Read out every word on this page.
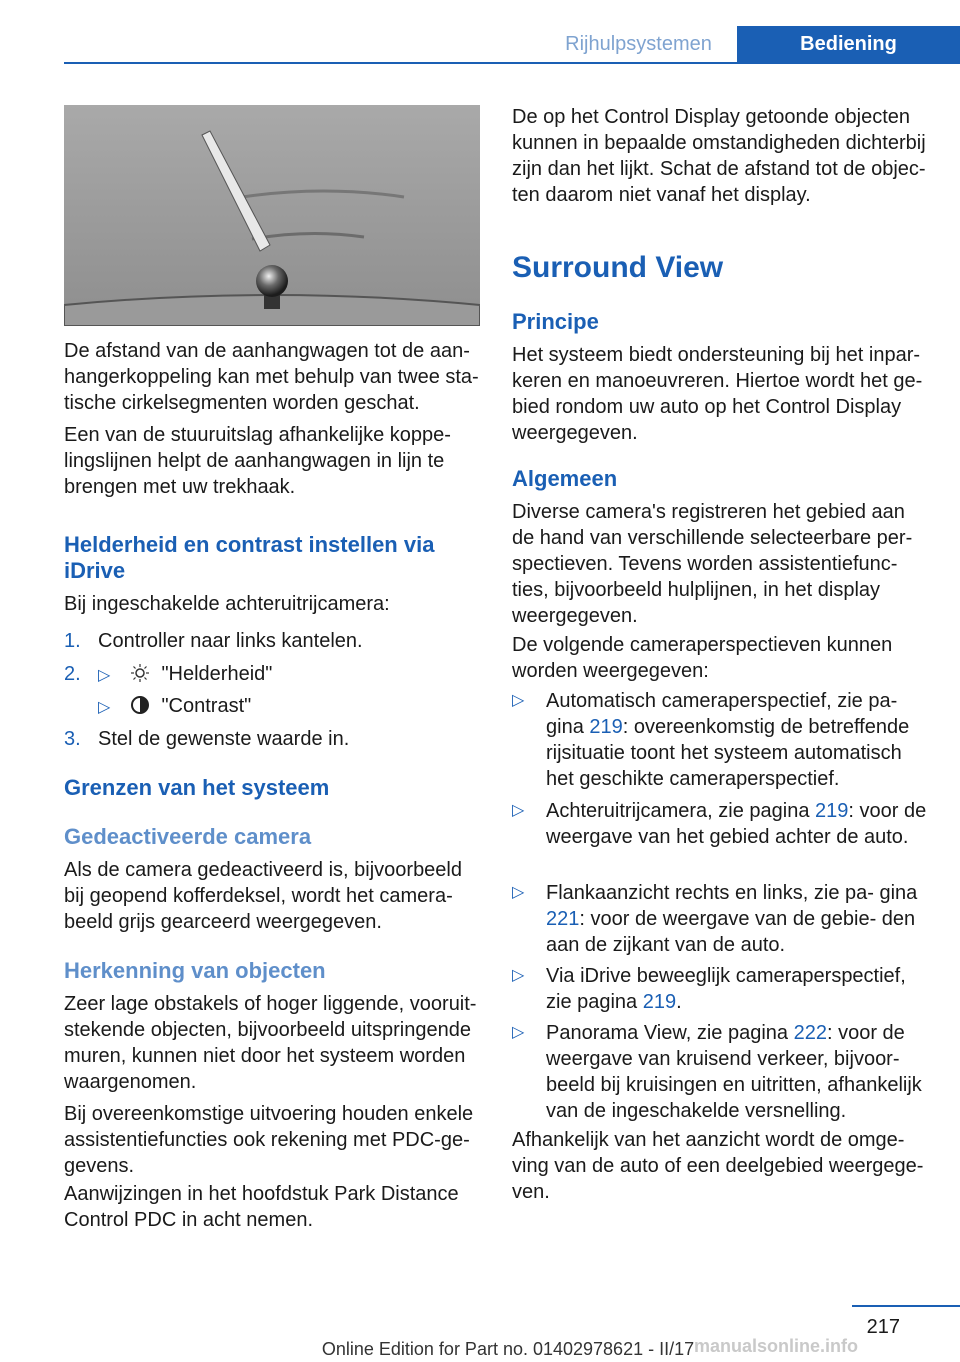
Rijhulpsystemen	Bediening

De afstand van de aanhangwagen tot de aan- hangerkoppeling kan met behulp van twee sta- tische cirkelsegmenten worden geschat.

Een van de stuuruitslag afhankelijke koppe- lingslijnen helpt de aanhangwagen in lijn te brengen met uw trekhaak.

Helderheid en contrast instellen via iDrive

Bij ingeschakelde achteruitrijcamera:

1. Controller naar links kantelen.
2. ▷	"Helderheid"
▷	"Contrast"
3. Stel de gewenste waarde in.
Grenzen van het systeem
Gedeactiveerde camera

Als de camera gedeactiveerd is, bijvoorbeeld bij geopend kofferdeksel, wordt het camera- beeld grijs gearceerd weergegeven.

Herkenning van objecten

Zeer lage obstakels of hoger liggende, vooruit- stekende objecten, bijvoorbeeld uitspringende muren, kunnen niet door het systeem worden waargenomen.

Bij overeenkomstige uitvoering houden enkele assistentiefuncties ook rekening met PDC-ge- gevens.

Aanwijzingen in het hoofdstuk Park Distance Control PDC in acht nemen.

De op het Control Display getoonde objecten kunnen in bepaalde omstandigheden dichterbij zijn dan het lijkt. Schat de afstand tot de objec- ten daarom niet vanaf het display.

Surround View
Principe

Het systeem biedt ondersteuning bij het inpar- keren en manoeuvreren. Hiertoe wordt het ge- bied rondom uw auto op het Control Display weergegeven.

Algemeen

Diverse camera's registreren het gebied aan de hand van verschillende selecteerbare per- spectieven. Tevens worden assistentiefunc- ties, bijvoorbeeld hulplijnen, in het display weergegeven.

De volgende cameraperspectieven kunnen worden weergegeven:

▷ Automatisch cameraperspectief, zie pa- gina 219: overeenkomstig de betreffende rijsituatie toont het systeem automatisch het geschikte cameraperspectief.
▷ Achteruitrijcamera, zie pagina 219: voor de weergave van het gebied achter de auto.
▷ Flankaanzicht rechts en links, zie pa- gina 221: voor de weergave van de gebie- den aan de zijkant van de auto.
▷ Via iDrive beweeglijk cameraperspectief, zie pagina 219.
▷ Panorama View, zie pagina 222: voor de weergave van kruisend verkeer, bijvoor- beeld bij kruisingen en uitritten, afhankelijk van de ingeschakelde versnelling.

Afhankelijk van het aanzicht wordt de omge- ving van de auto of een deelgebied weergege- ven.

217
Online Edition for Part no. 01402978621 - II/17 manualsonline.info
